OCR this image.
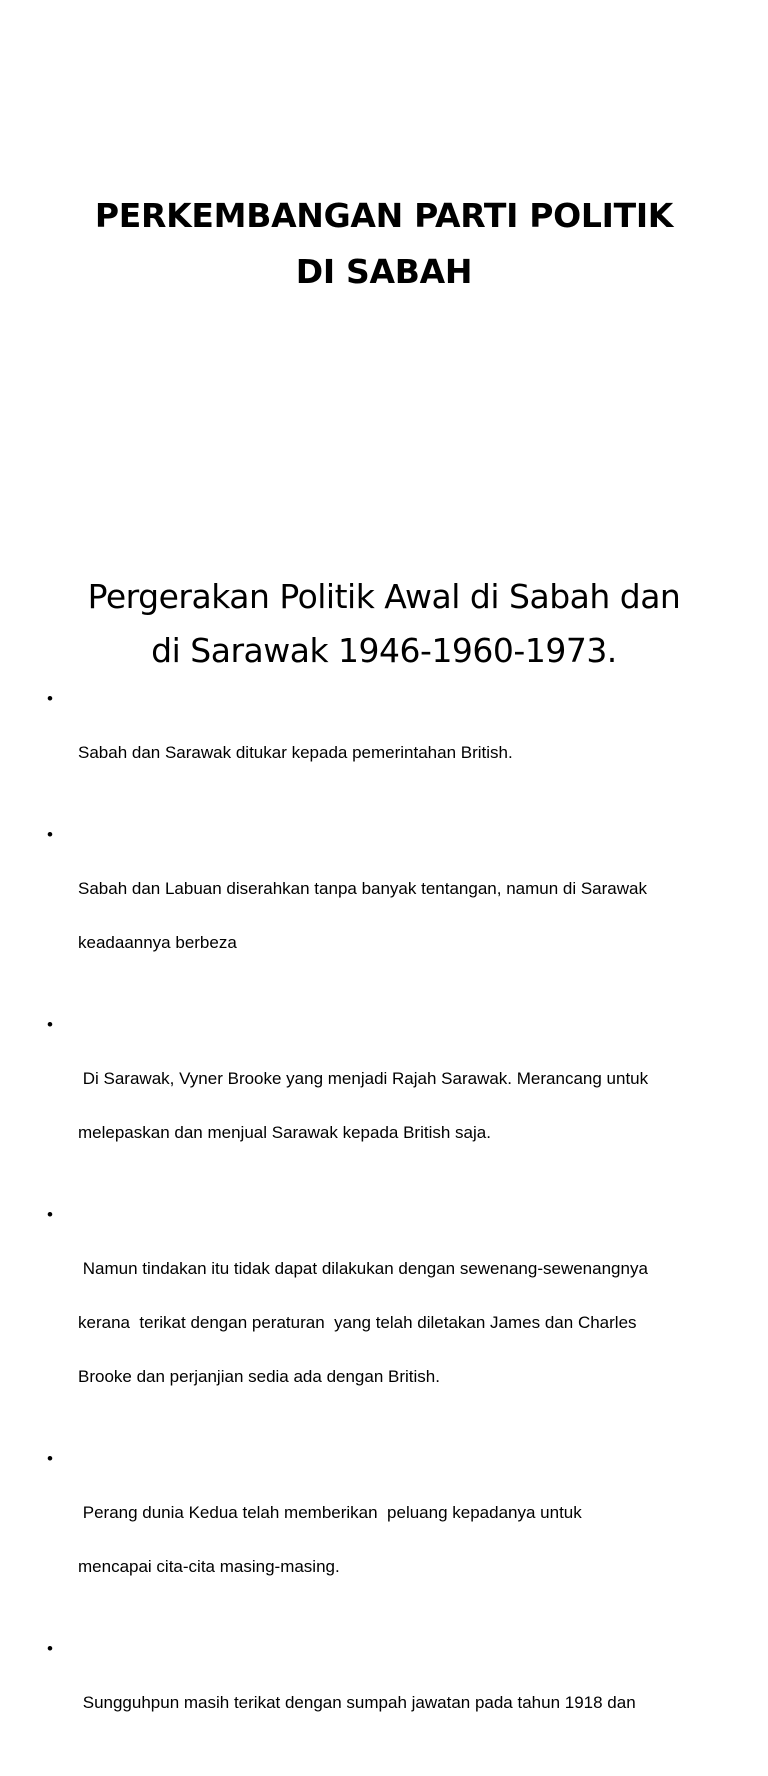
PERKEMBANGAN PARTI POLITIK
DI SABAH
Pergerakan Politik Awal di Sabah dan
di Sarawak 1946-1960-1973.

•

Sabah dan Sarawak ditukar kepada pemerintahan British.

•

Sabah dan Labuan diserahkan tanpa banyak tentangan, namun di Sarawak

keadaannya berbeza

•

Di Sarawak, Vyner Brooke yang menjadi Rajah Sarawak. Merancang untuk

melepaskan dan menjual Sarawak kepada British saja.

•

Namun tindakan itu tidak dapat dilakukan dengan sewenang-sewenangnya

kerana  terikat dengan peraturan  yang telah diletakan James dan Charles

Brooke dan perjanjian sedia ada dengan British.

•

Perang dunia Kedua telah memberikan  peluang kepadanya untuk

mencapai cita-cita masing-masing.

•

Sungguhpun masih terikat dengan sumpah jawatan pada tahun 1918 dan
